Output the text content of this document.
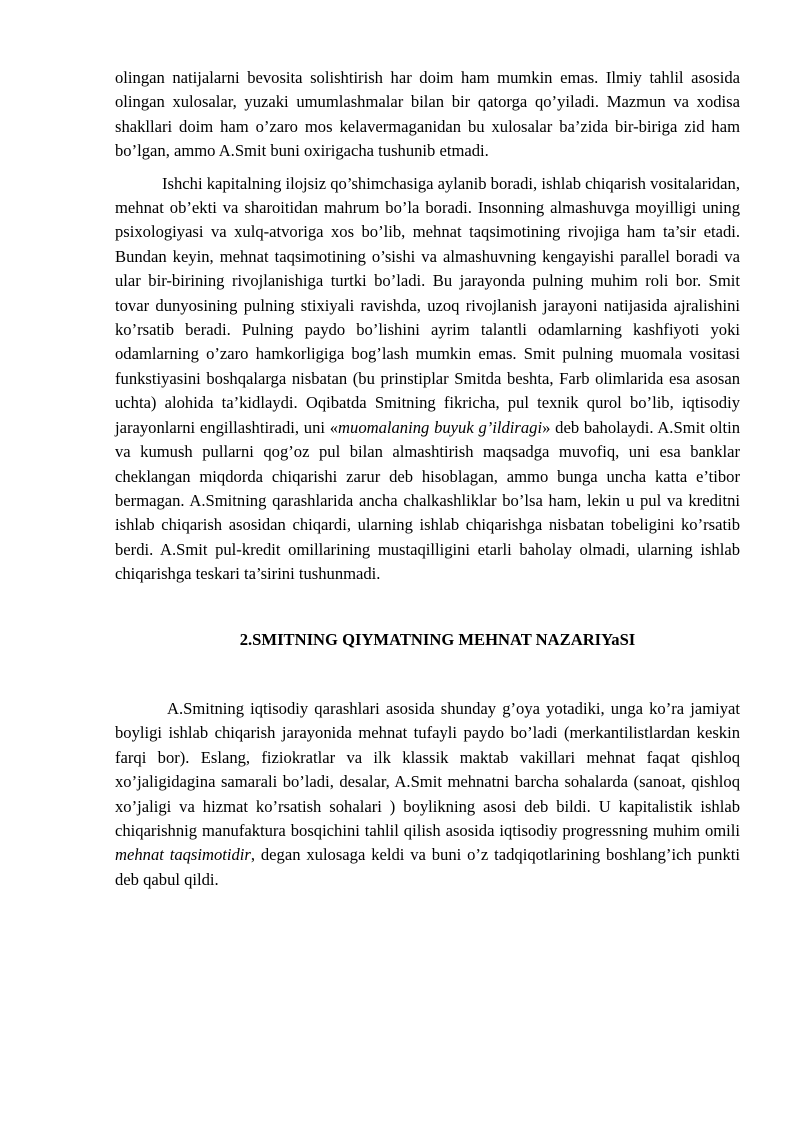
olingan natijalarni bevosita solishtirish har doim ham mumkin emas. Ilmiy tahlil asosida olingan xulosalar, yuzaki umumlashmalar bilan bir qatorga qo’yiladi. Mazmun va xodisa shakllari doim ham o’zaro mos kelavermaganidan bu xulosalar ba’zida bir-biriga zid ham bo’lgan, ammo A.Smit buni oxirigacha tushunib etmadi.

Ishchi kapitalning ilojsiz qo’shimchasiga aylanib boradi, ishlab chiqarish vositalaridan, mehnat ob’ekti va sharoitidan mahrum bo’la boradi. Insonning almashuvga moyilligi uning psixologiyasi va xulq-atvoriga xos bo’lib, mehnat taqsimotining rivojiga ham ta’sir etadi. Bundan keyin, mehnat taqsimotining o’sishi va almashuvning kengayishi parallel boradi va ular bir-birining rivojlanishiga turtki bo’ladi. Bu jarayonda pulning muhim roli bor. Smit tovar dunyosining pulning stixiyali ravishda, uzoq rivojlanish jarayoni natijasida ajralishini ko’rsatib beradi. Pulning paydo bo’lishini ayrim talantli odamlarning kashfiyoti yoki odamlarning o’zaro hamkorligiga bog’lash mumkin emas. Smit pulning muomala vositasi funkstiyasini boshqalarga nisbatan (bu prinstiplar Smitda beshta, Farb olimlarida esa asosan uchta) alohida ta’kidlaydi. Oqibatda Smitning fikricha, pul texnik qurol bo’lib, iqtisodiy jarayonlarni engillashtiradi, uni «muomalaning buyuk g’ildiragi» deb baholaydi. A.Smit oltin va kumush pullarni qog’oz pul bilan almashtirish maqsadga muvofiq, uni esa banklar cheklangan miqdorda chiqarishi zarur deb hisoblagan, ammo bunga uncha katta e’tibor bermagan. A.Smitning qarashlarida ancha chalkashliklar bo’lsa ham, lekin u pul va kreditni ishlab chiqarish asosidan chiqardi, ularning ishlab chiqarishga nisbatan tobeligini ko’rsatib berdi. A.Smit pul-kredit omillarining mustaqilligini etarli baholay olmadi, ularning ishlab chiqarishga teskari ta’sirini tushunmadi.

2.SMITNING QIYMATNING MEHNAT NAZARIYaSI

A.Smitning iqtisodiy qarashlari asosida shunday g’oya yotadiki, unga ko’ra jamiyat boyligi ishlab chiqarish jarayonida mehnat tufayli paydo bo’ladi (merkantilistlardan keskin farqi bor). Eslang, fiziokratlar va ilk klassik maktab vakillari mehnat faqat qishloq xo’jaligidagina samarali bo’ladi, desalar, A.Smit mehnatni barcha sohalarda (sanoat, qishloq xo’jaligi va hizmat ko’rsatish sohalari ) boylikning asosi deb bildi. U kapitalistik ishlab chiqarishnig manufaktura bosqichini tahlil qilish asosida iqtisodiy progressning muhim omili mehnat taqsimotidir, degan xulosaga keldi va buni o’z tadqiqotlarining boshlang’ich punkti deb qabul qildi.
